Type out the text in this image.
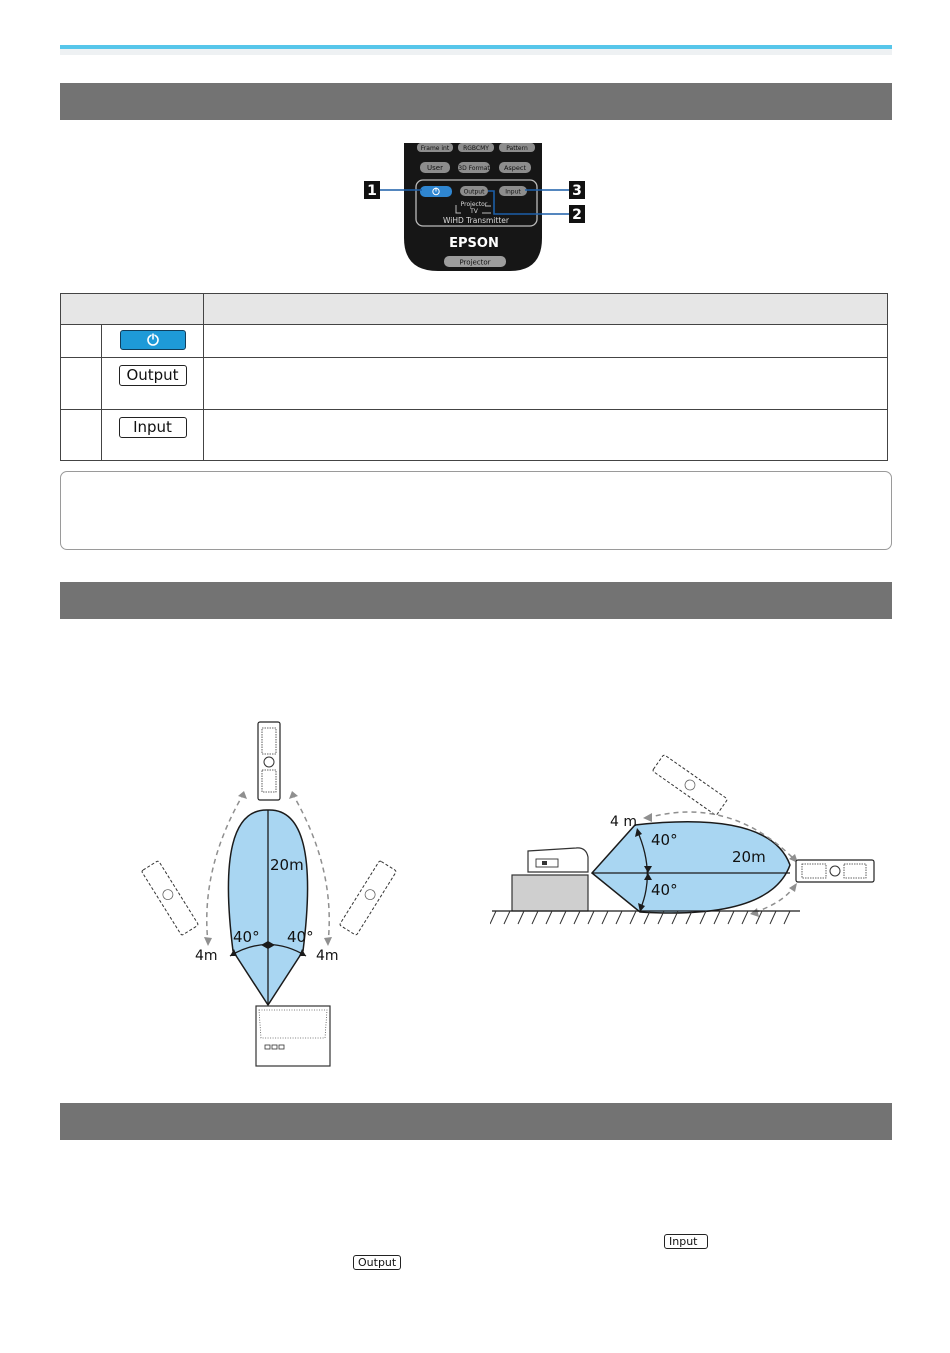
Frame int RGBCMY	Pattern
User	3D Format Aspect
Output	Input
Projector
TV
WiHD Transmitter
EPSON
Projector
1	3
2

	Output	
	Input	
20m
40° 40°
4m	4m
4 m
40°
40°
20m
Input
Output
